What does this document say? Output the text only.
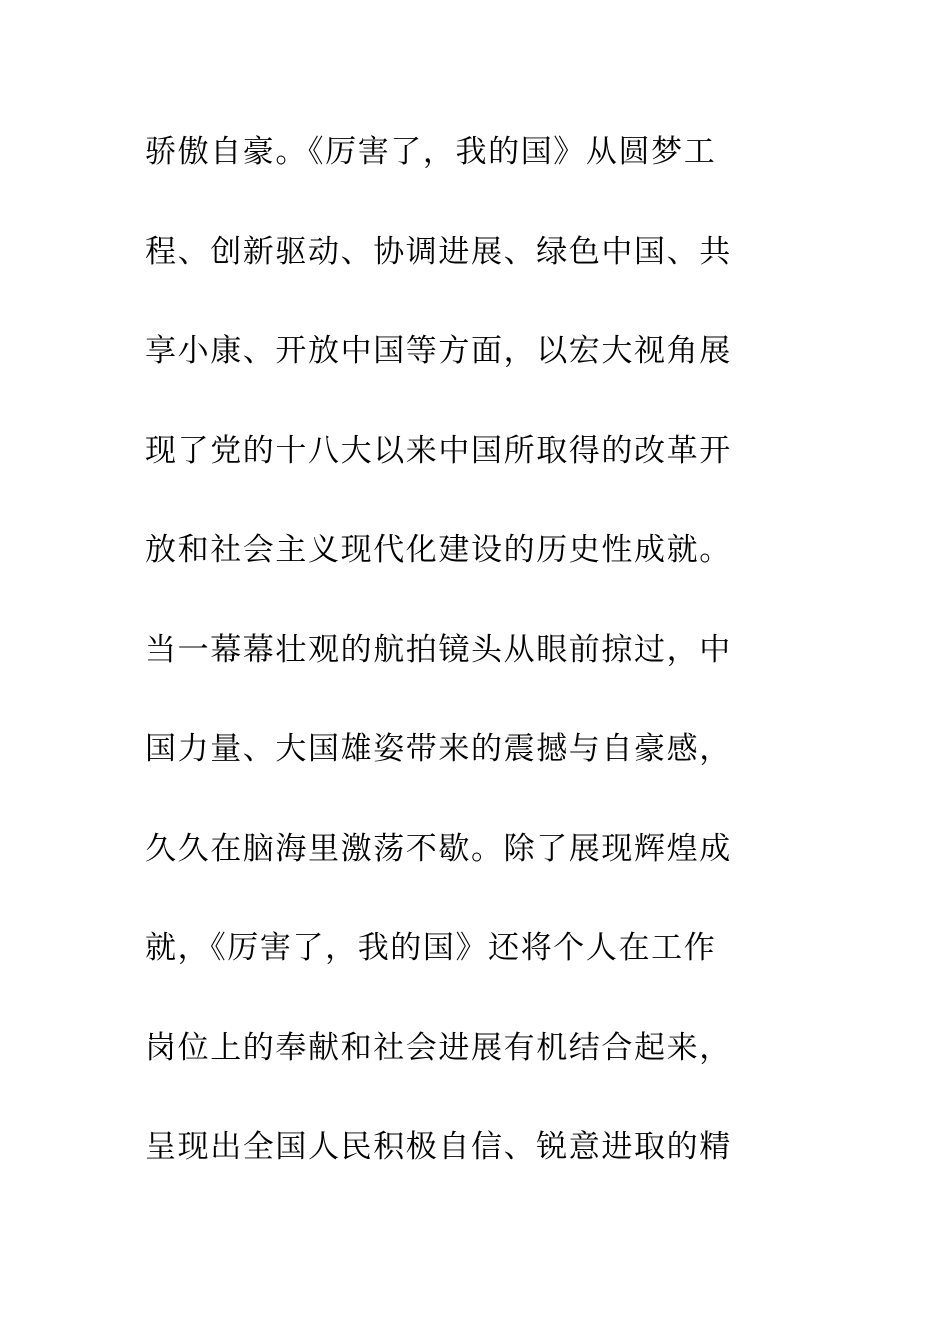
骄傲自豪。《厉害了，我的国》从圆梦工
程、创新驱动、协调进展、绿色中国、共
享小康、开放中国等方面，以宏大视角展
现了党的十八大以来中国所取得的改革开
放和社会主义现代化建设的历史性成就。
当一幕幕壮观的航拍镜头从眼前掠过，中
国力量、大国雄姿带来的震撼与自豪感，
久久在脑海里激荡不歇。除了展现辉煌成
就，《厉害了，我的国》还将个人在工作
岗位上的奉献和社会进展有机结合起来，
呈现出全国人民积极自信、锐意进取的精
